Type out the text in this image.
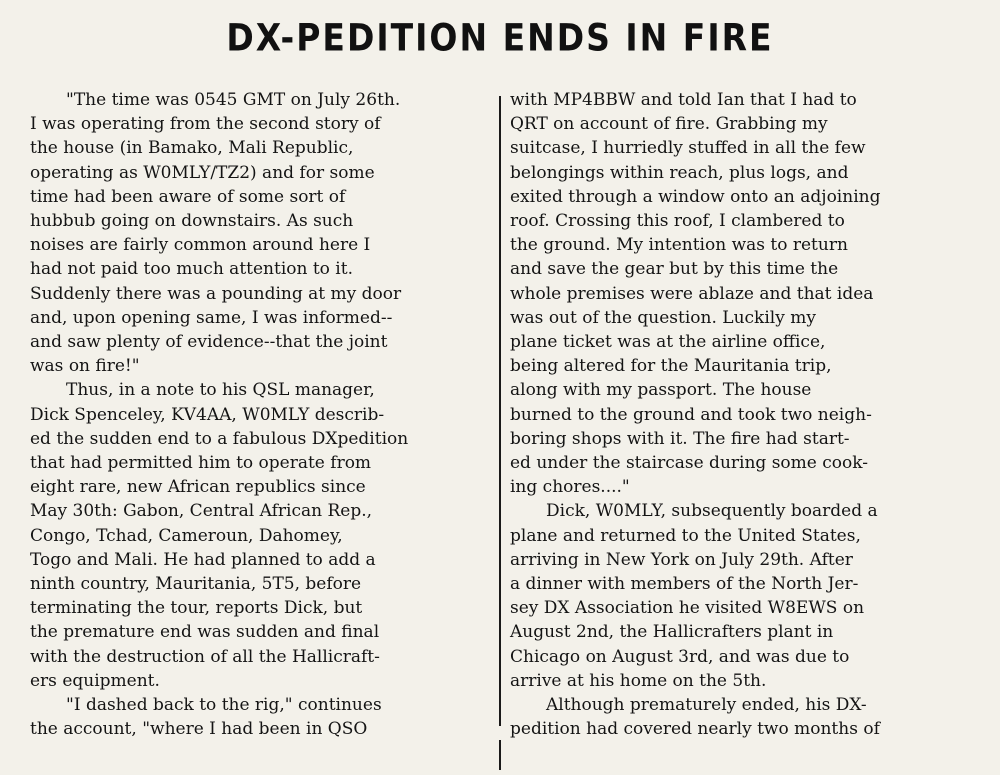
DX-PEDITION ENDS IN FIRE

"The time was 0545 GMT on July 26th.

I was operating from the second story of

the house (in Bamako, Mali Republic,

operating as W0MLY/TZ2) and for some

time had been aware of some sort of

hubbub going on downstairs. As such

noises are fairly common around here I

had not paid too much attention to it.

Suddenly there was a pounding at my door

and, upon opening same, I was informed--

and saw plenty of evidence--that the joint

was on fire!"

Thus, in a note to his QSL manager,

Dick Spenceley, KV4AA, W0MLY describ-

ed the sudden end to a fabulous DXpedition

that had permitted him to operate from

eight rare, new African republics since

May 30th: Gabon, Central African Rep.,

Congo, Tchad, Cameroun, Dahomey,

Togo and Mali. He had planned to add a

ninth country, Mauritania, 5T5, before

terminating the tour, reports Dick, but

the premature end was sudden and final

with the destruction of all the Hallicraft-

ers equipment.

"I dashed back to the rig," continues

the account, "where I had been in QSO

with MP4BBW and told Ian that I had to

QRT on account of fire. Grabbing my

suitcase, I hurriedly stuffed in all the few

belongings within reach, plus logs, and

exited through a window onto an adjoining

roof. Crossing this roof, I clambered to

the ground. My intention was to return

and save the gear but by this time the

whole premises were ablaze and that idea

was out of the question. Luckily my

plane ticket was at the airline office,

being altered for the Mauritania trip,

along with my passport. The house

burned to the ground and took two neigh-

boring shops with it. The fire had start-

ed under the staircase during some cook-

ing chores...."

Dick, W0MLY, subsequently boarded a

plane and returned to the United States,

arriving in New York on July 29th. After

a dinner with members of the North Jer-

sey DX Association he visited W8EWS on

August 2nd, the Hallicrafters plant in

Chicago on August 3rd, and was due to

arrive at his home on the 5th.

Although prematurely ended, his DX-

pedition had covered nearly two months of
